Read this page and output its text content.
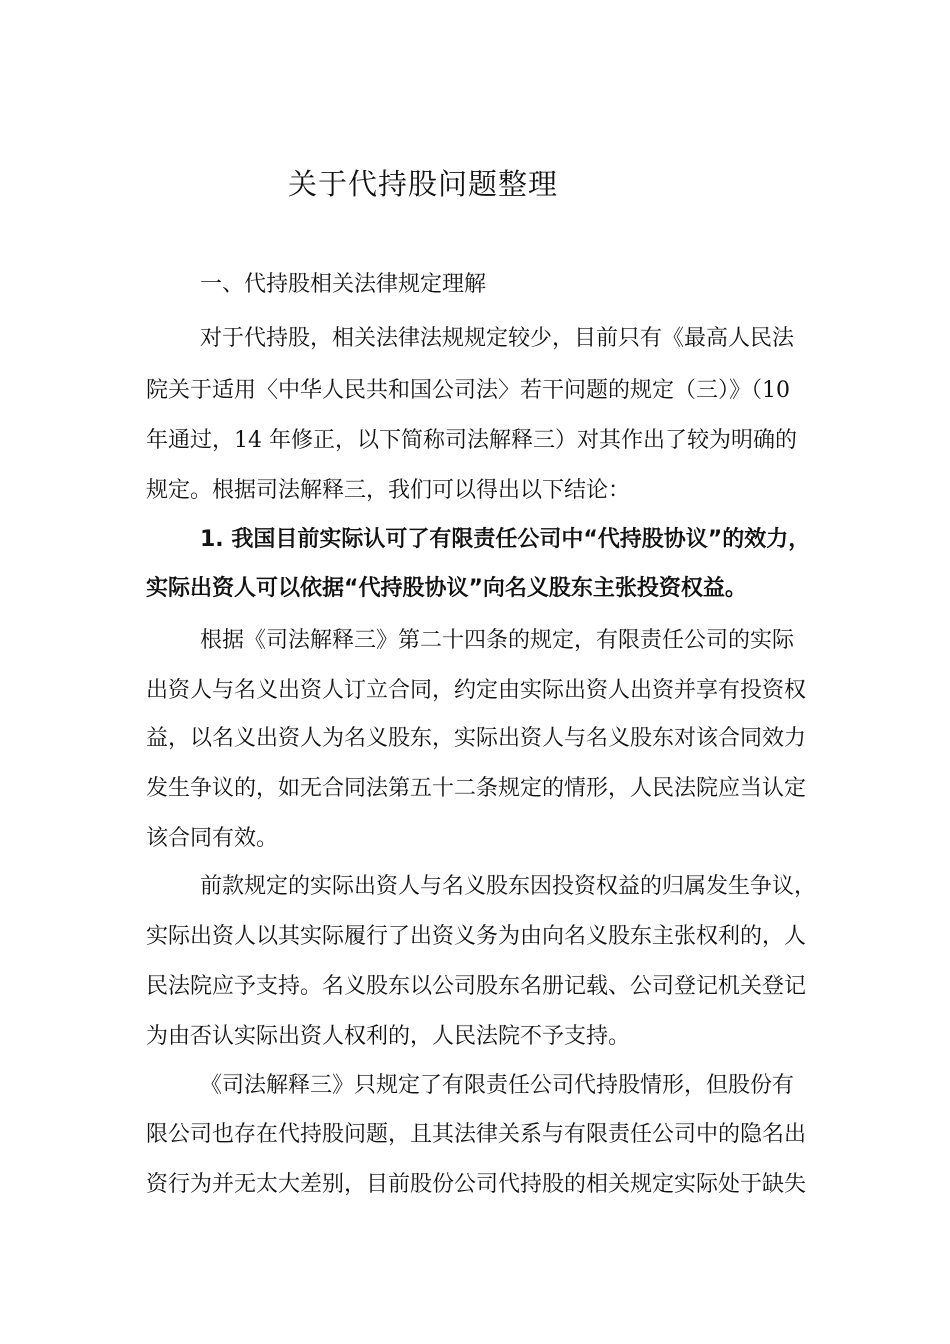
关于代持股问题整理
一、代持股相关法律规定理解
对于代持股，相关法律法规规定较少，目前只有《最高人民法
院关于适用〈中华人民共和国公司法〉若干问题的规定（三）》（10
年通过，14 年修正，以下简称司法解释三）对其作出了较为明确的
规定。根据司法解释三，我们可以得出以下结论：
1. 我国目前实际认可了有限责任公司中“代持股协议”的效力，
实际出资人可以依据“代持股协议”向名义股东主张投资权益。
根据《司法解释三》第二十四条的规定，有限责任公司的实际
出资人与名义出资人订立合同，约定由实际出资人出资并享有投资权
益，以名义出资人为名义股东，实际出资人与名义股东对该合同效力
发生争议的，如无合同法第五十二条规定的情形，人民法院应当认定
该合同有效。
前款规定的实际出资人与名义股东因投资权益的归属发生争议，
实际出资人以其实际履行了出资义务为由向名义股东主张权利的，人
民法院应予支持。名义股东以公司股东名册记载、公司登记机关登记
为由否认实际出资人权利的，人民法院不予支持。
《司法解释三》只规定了有限责任公司代持股情形，但股份有
限公司也存在代持股问题，且其法律关系与有限责任公司中的隐名出
资行为并无太大差别，目前股份公司代持股的相关规定实际处于缺失
